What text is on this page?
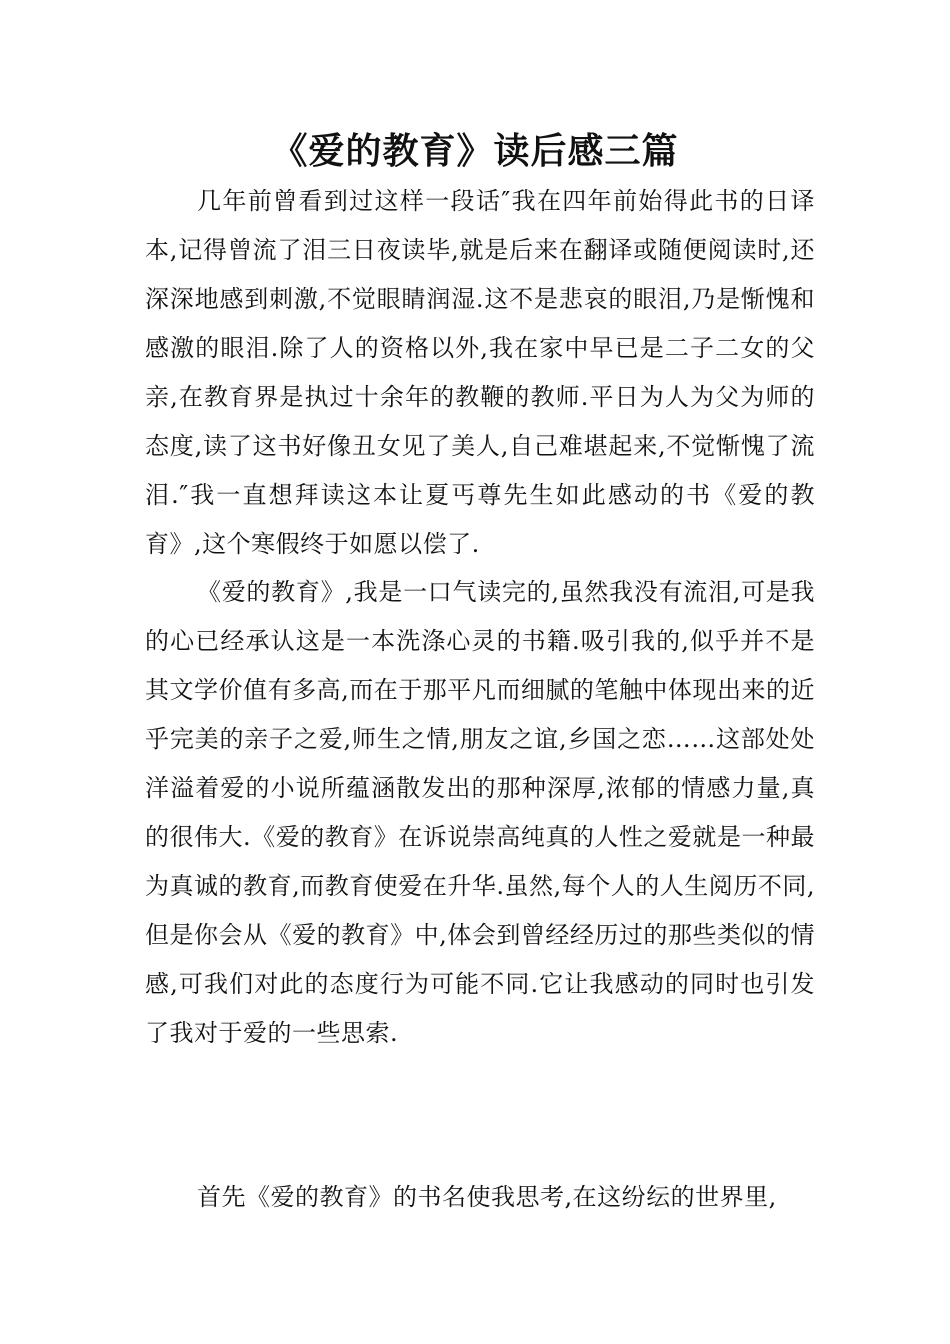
《爱的教育》读后感三篇

几年前曾看到过这样一段话″我在四年前始得此书的日译本,记得曾流了泪三日夜读毕,就是后来在翻译或随便阅读时,还深深地感到刺激,不觉眼睛润湿.这不是悲哀的眼泪,乃是惭愧和感激的眼泪.除了人的资格以外,我在家中早已是二子二女的父亲,在教育界是执过十余年的教鞭的教师.平日为人为父为师的态度,读了这书好像丑女见了美人,自己难堪起来,不觉惭愧了流泪.″我一直想拜读这本让夏丐尊先生如此感动的书《爱的教育》,这个寒假终于如愿以偿了.

《爱的教育》,我是一口气读完的,虽然我没有流泪,可是我的心已经承认这是一本洗涤心灵的书籍.吸引我的,似乎并不是其文学价值有多高,而在于那平凡而细腻的笔触中体现出来的近乎完美的亲子之爱,师生之情,朋友之谊,乡国之恋……这部处处洋溢着爱的小说所蕴涵散发出的那种深厚,浓郁的情感力量,真的很伟大.《爱的教育》在诉说崇高纯真的人性之爱就是一种最为真诚的教育,而教育使爱在升华.虽然,每个人的人生阅历不同,但是你会从《爱的教育》中,体会到曾经经历过的那些类似的情感,可我们对此的态度行为可能不同.它让我感动的同时也引发了我对于爱的一些思索.

首先《爱的教育》的书名使我思考,在这纷纭的世界里,
